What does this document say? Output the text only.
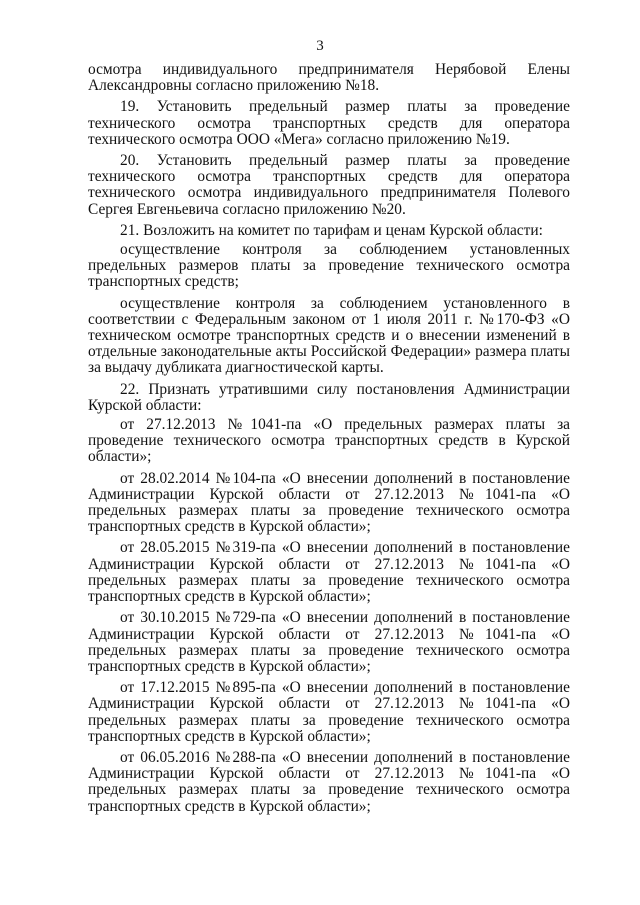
3

осмотра индивидуального предпринимателя Нерябовой Елены Александровны согласно приложению №18.

19. Установить предельный размер платы за проведение технического осмотра транспортных средств для оператора технического осмотра ООО «Мега» согласно приложению №19.

20. Установить предельный размер платы за проведение технического осмотра транспортных средств для оператора технического осмотра индивидуального предпринимателя Полевого Сергея Евгеньевича согласно приложению №20.

21. Возложить на комитет по тарифам и ценам Курской области:

осуществление контроля за соблюдением установленных предельных размеров платы за проведение технического осмотра транспортных средств;

осуществление контроля за соблюдением установленного в соответствии с Федеральным законом от 1 июля 2011 г. №170-ФЗ «О техническом осмотре транспортных средств и о внесении изменений в отдельные законодательные акты Российской Федерации» размера платы за выдачу дубликата диагностической карты.

22. Признать утратившими силу постановления Администрации Курской области:

от 27.12.2013 №1041-па «О предельных размерах платы за проведение технического осмотра транспортных средств в Курской области»;

от 28.02.2014 №104-па «О внесении дополнений в постановление Администрации Курской области от 27.12.2013 №1041-па «О предельных размерах платы за проведение технического осмотра транспортных средств в Курской области»;

от 28.05.2015 №319-па «О внесении дополнений в постановление Администрации Курской области от 27.12.2013 №1041-па «О предельных размерах платы за проведение технического осмотра транспортных средств в Курской области»;

от 30.10.2015 №729-па «О внесении дополнений в постановление Администрации Курской области от 27.12.2013 №1041-па «О предельных размерах платы за проведение технического осмотра транспортных средств в Курской области»;

от 17.12.2015 №895-па «О внесении дополнений в постановление Администрации Курской области от 27.12.2013 №1041-па «О предельных размерах платы за проведение технического осмотра транспортных средств в Курской области»;

от 06.05.2016 №288-па «О внесении дополнений в постановление Администрации Курской области от 27.12.2013 №1041-па «О предельных размерах платы за проведение технического осмотра транспортных средств в Курской области»;
